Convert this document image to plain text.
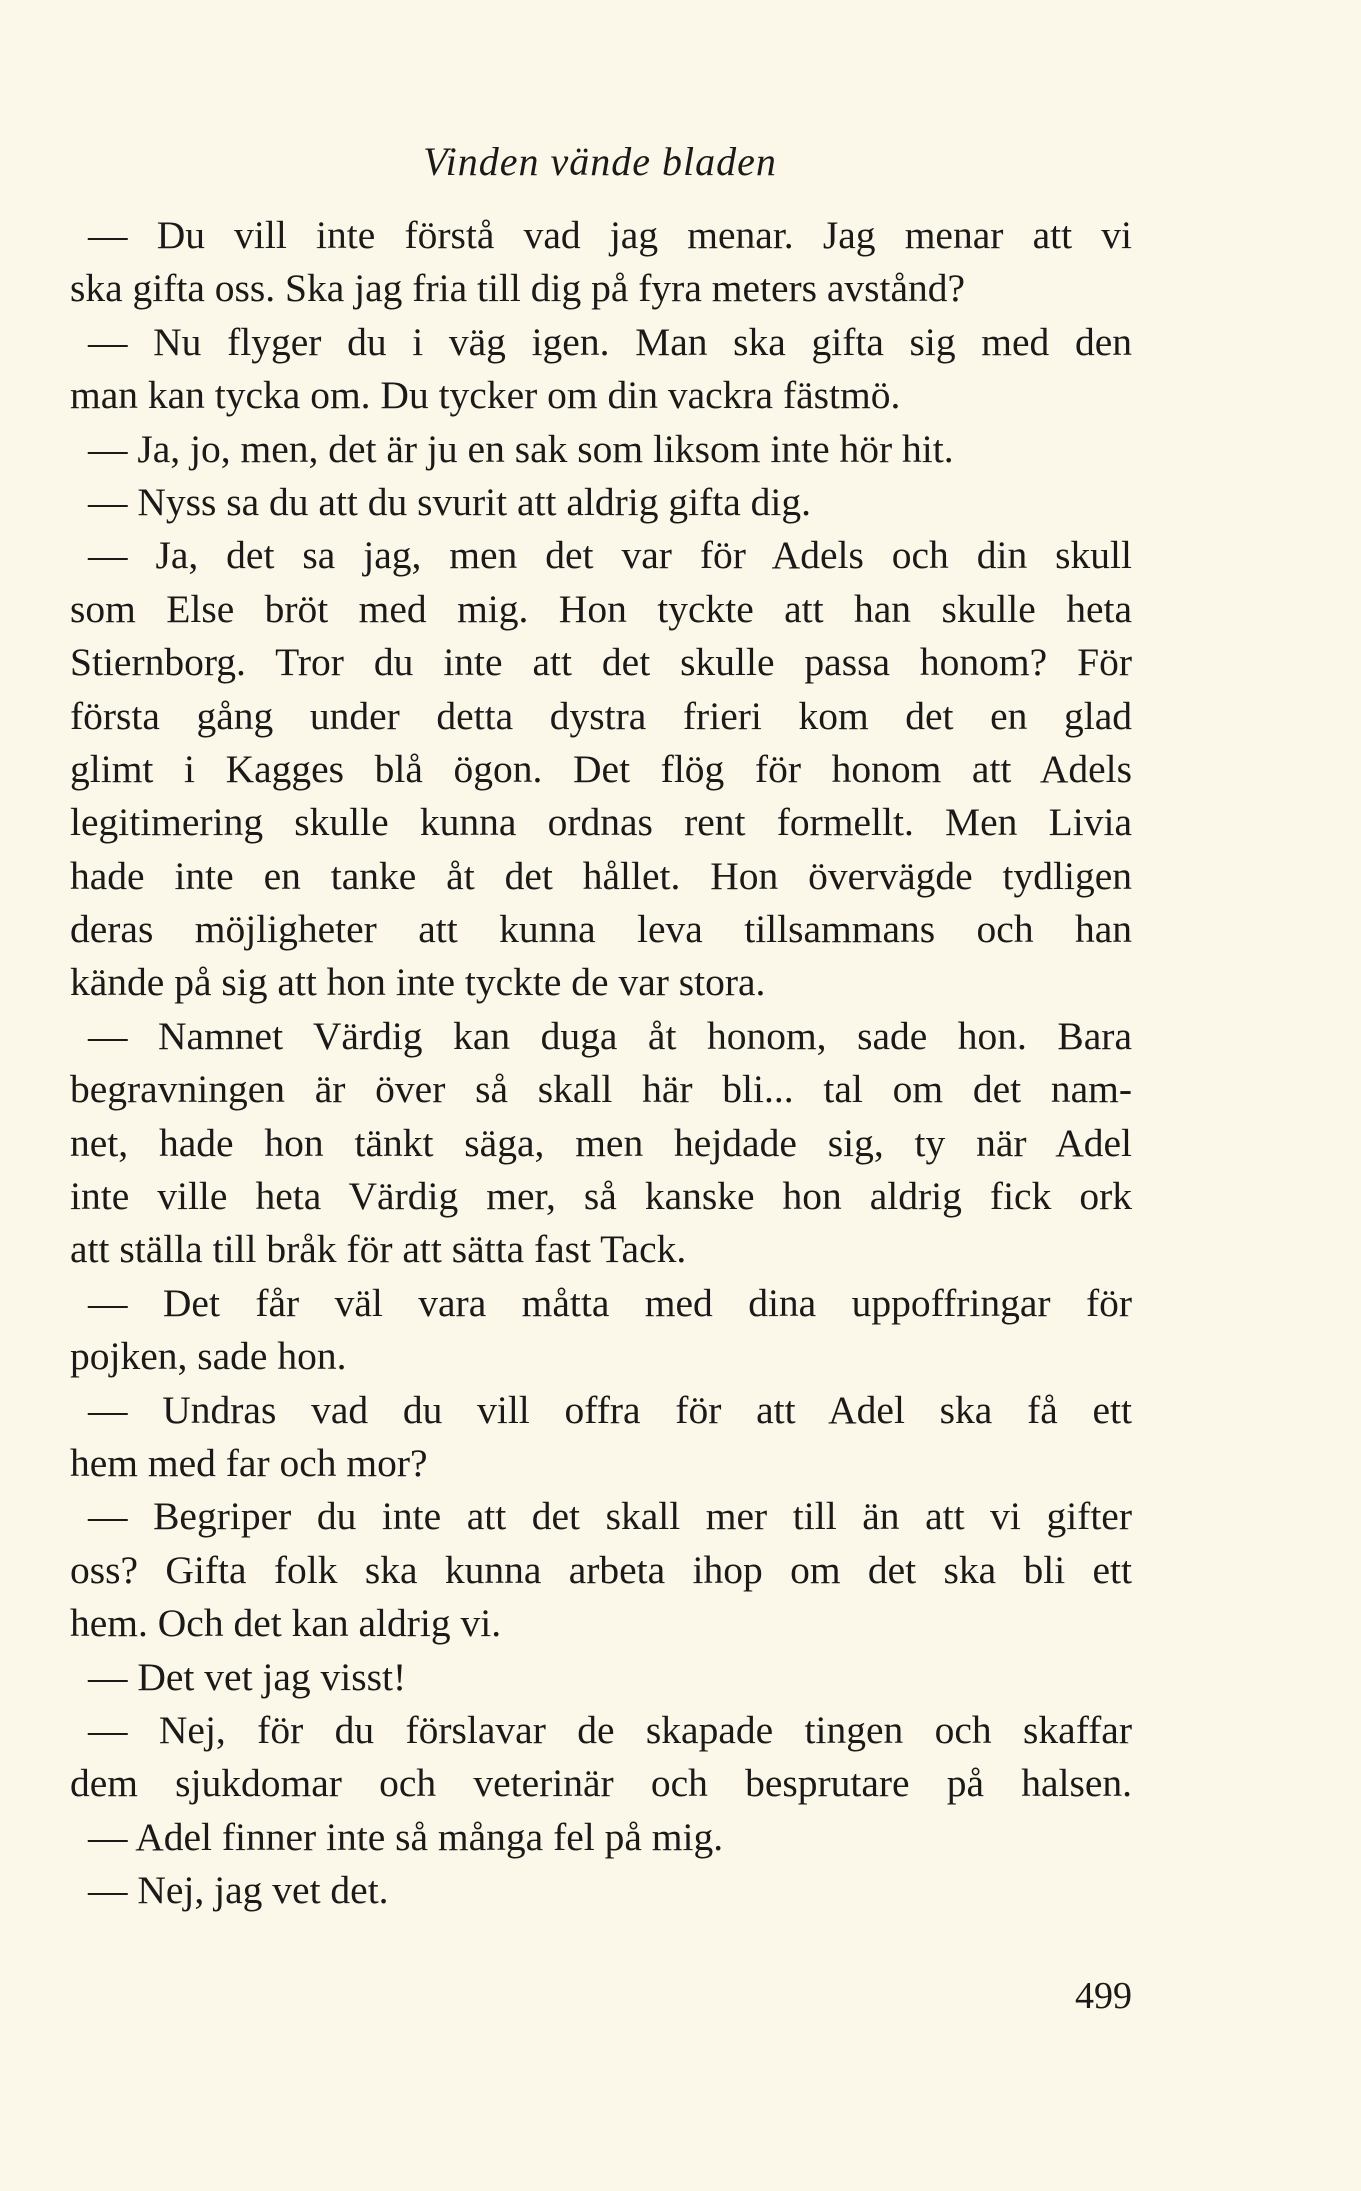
Vinden vände bladen
— Du vill inte förstå vad jag menar. Jag menar att vi
ska gifta oss. Ska jag fria till dig på fyra meters avstånd?
— Nu flyger du i väg igen. Man ska gifta sig med den
man kan tycka om. Du tycker om din vackra fästmö.
— Ja, jo, men, det är ju en sak som liksom inte hör hit.
— Nyss sa du att du svurit att aldrig gifta dig.
— Ja, det sa jag, men det var för Adels och din skull
som Else bröt med mig. Hon tyckte att han skulle heta
Stiernborg. Tror du inte att det skulle passa honom? För
första gång under detta dystra frieri kom det en glad
glimt i Kagges blå ögon. Det flög för honom att Adels
legitimering skulle kunna ordnas rent formellt. Men Livia
hade inte en tanke åt det hållet. Hon övervägde tydligen
deras möjligheter att kunna leva tillsammans och han
kände på sig att hon inte tyckte de var stora.
— Namnet Värdig kan duga åt honom, sade hon. Bara
begravningen är över så skall här bli... tal om det nam-
net, hade hon tänkt säga, men hejdade sig, ty när Adel
inte ville heta Värdig mer, så kanske hon aldrig fick ork
att ställa till bråk för att sätta fast Tack.
— Det får väl vara måtta med dina uppoffringar för
pojken, sade hon.
— Undras vad du vill offra för att Adel ska få ett
hem med far och mor?
— Begriper du inte att det skall mer till än att vi gifter
oss? Gifta folk ska kunna arbeta ihop om det ska bli ett
hem. Och det kan aldrig vi.
— Det vet jag visst!
— Nej, för du förslavar de skapade tingen och skaffar
dem sjukdomar och veterinär och besprutare på halsen.
— Adel finner inte så många fel på mig.
— Nej, jag vet det.
499
